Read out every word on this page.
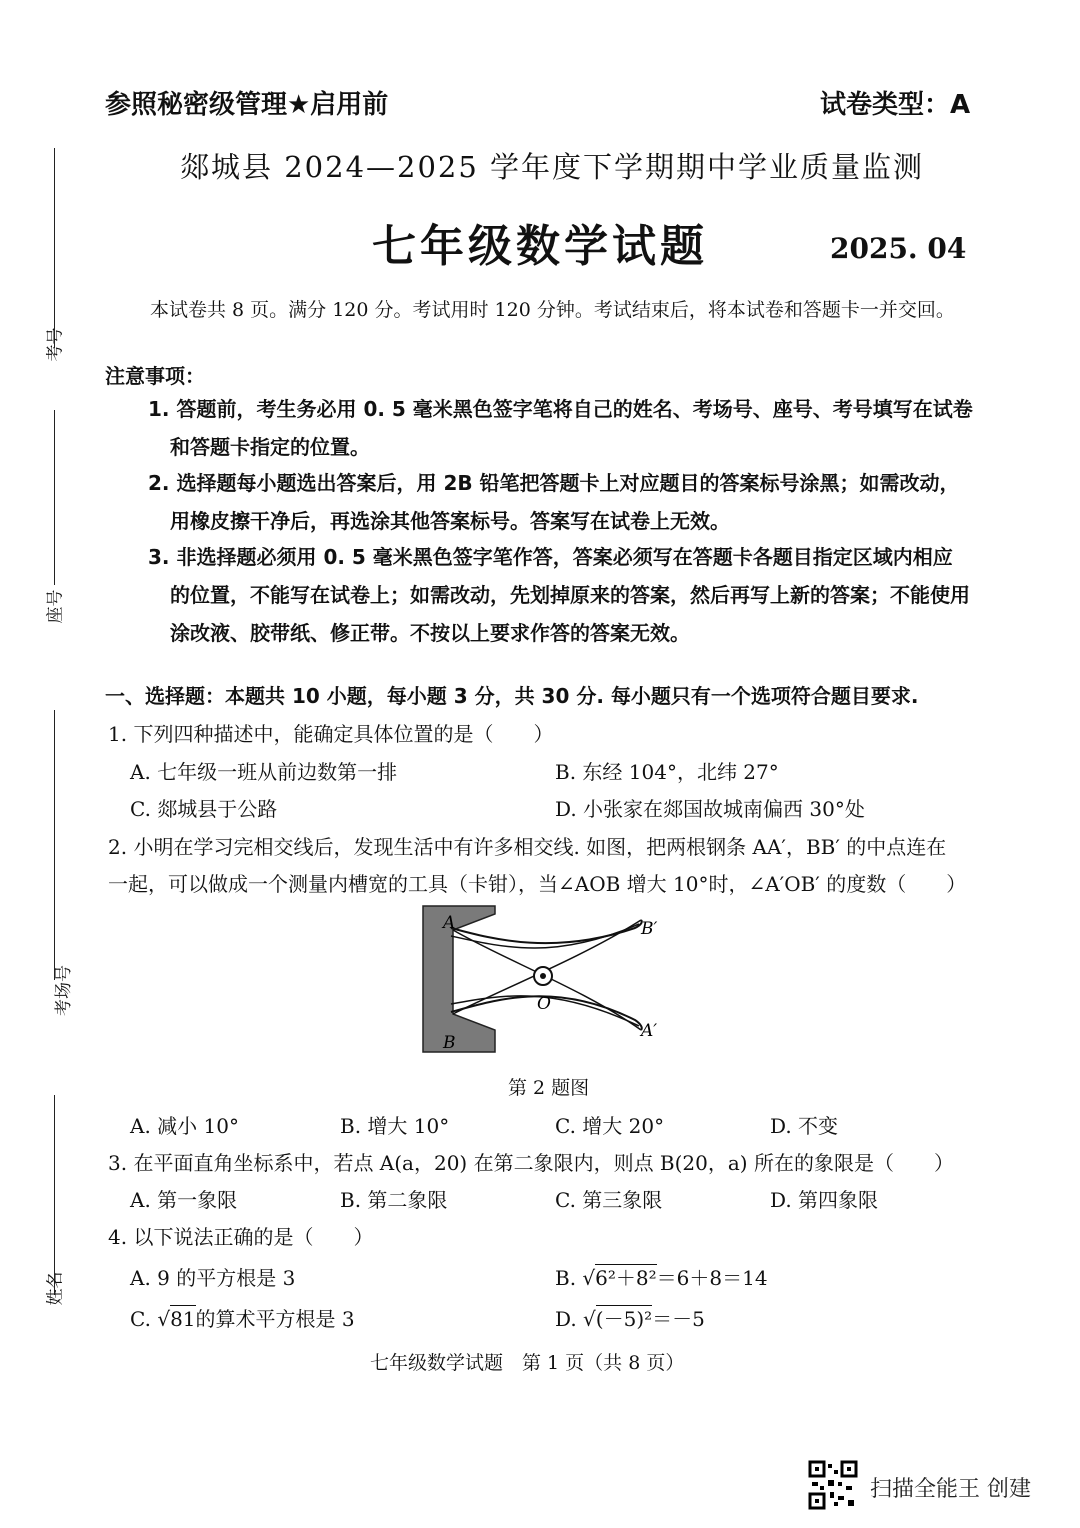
考号
座号
考场号
姓名
参照秘密级管理★启用前	试卷类型：A
郯城县 2024—2025 学年度下学期期中学业质量监测
七年级数学试题	2025. 04
本试卷共 8 页。满分 120 分。考试用时 120 分钟。考试结束后，将本试卷和答题卡一并交回。
注意事项：
1. 答题前，考生务必用 0. 5 毫米黑色签字笔将自己的姓名、考场号、座号、考号填写在试卷
和答题卡指定的位置。
2. 选择题每小题选出答案后，用 2B 铅笔把答题卡上对应题目的答案标号涂黑；如需改动，
用橡皮擦干净后，再选涂其他答案标号。答案写在试卷上无效。
3. 非选择题必须用 0. 5 毫米黑色签字笔作答，答案必须写在答题卡各题目指定区域内相应
的位置，不能写在试卷上；如需改动，先划掉原来的答案，然后再写上新的答案；不能使用
涂改液、胶带纸、修正带。不按以上要求作答的答案无效。
一、选择题：本题共 10 小题，每小题 3 分，共 30 分. 每小题只有一个选项符合题目要求.
1. 下列四种描述中，能确定具体位置的是（　　）
A. 七年级一班从前边数第一排	B. 东经 104°，北纬 27°
C. 郯城县于公路	D. 小张家在郯国故城南偏西 30°处
2. 小明在学习完相交线后，发现生活中有许多相交线. 如图，把两根钢条 AA′，BB′ 的中点连在
一起，可以做成一个测量内槽宽的工具（卡钳），当∠AOB 增大 10°时，∠A′OB′ 的度数（　　）
A
B
B′
A′
O
第 2 题图
A. 减小 10°	B. 增大 10°	C. 增大 20°	D. 不变
3. 在平面直角坐标系中，若点 A(a，20) 在第二象限内，则点 B(20，a) 所在的象限是（　　）
A. 第一象限	B. 第二象限	C. 第三象限	D. 第四象限
4. 以下说法正确的是（　　）
A. 9 的平方根是 3	B. √6²＋8²＝6＋8＝14
C. √81的算术平方根是 3	D. √(－5)²＝－5
七年级数学试题　第 1 页（共 8 页）
扫描全能王 创建
